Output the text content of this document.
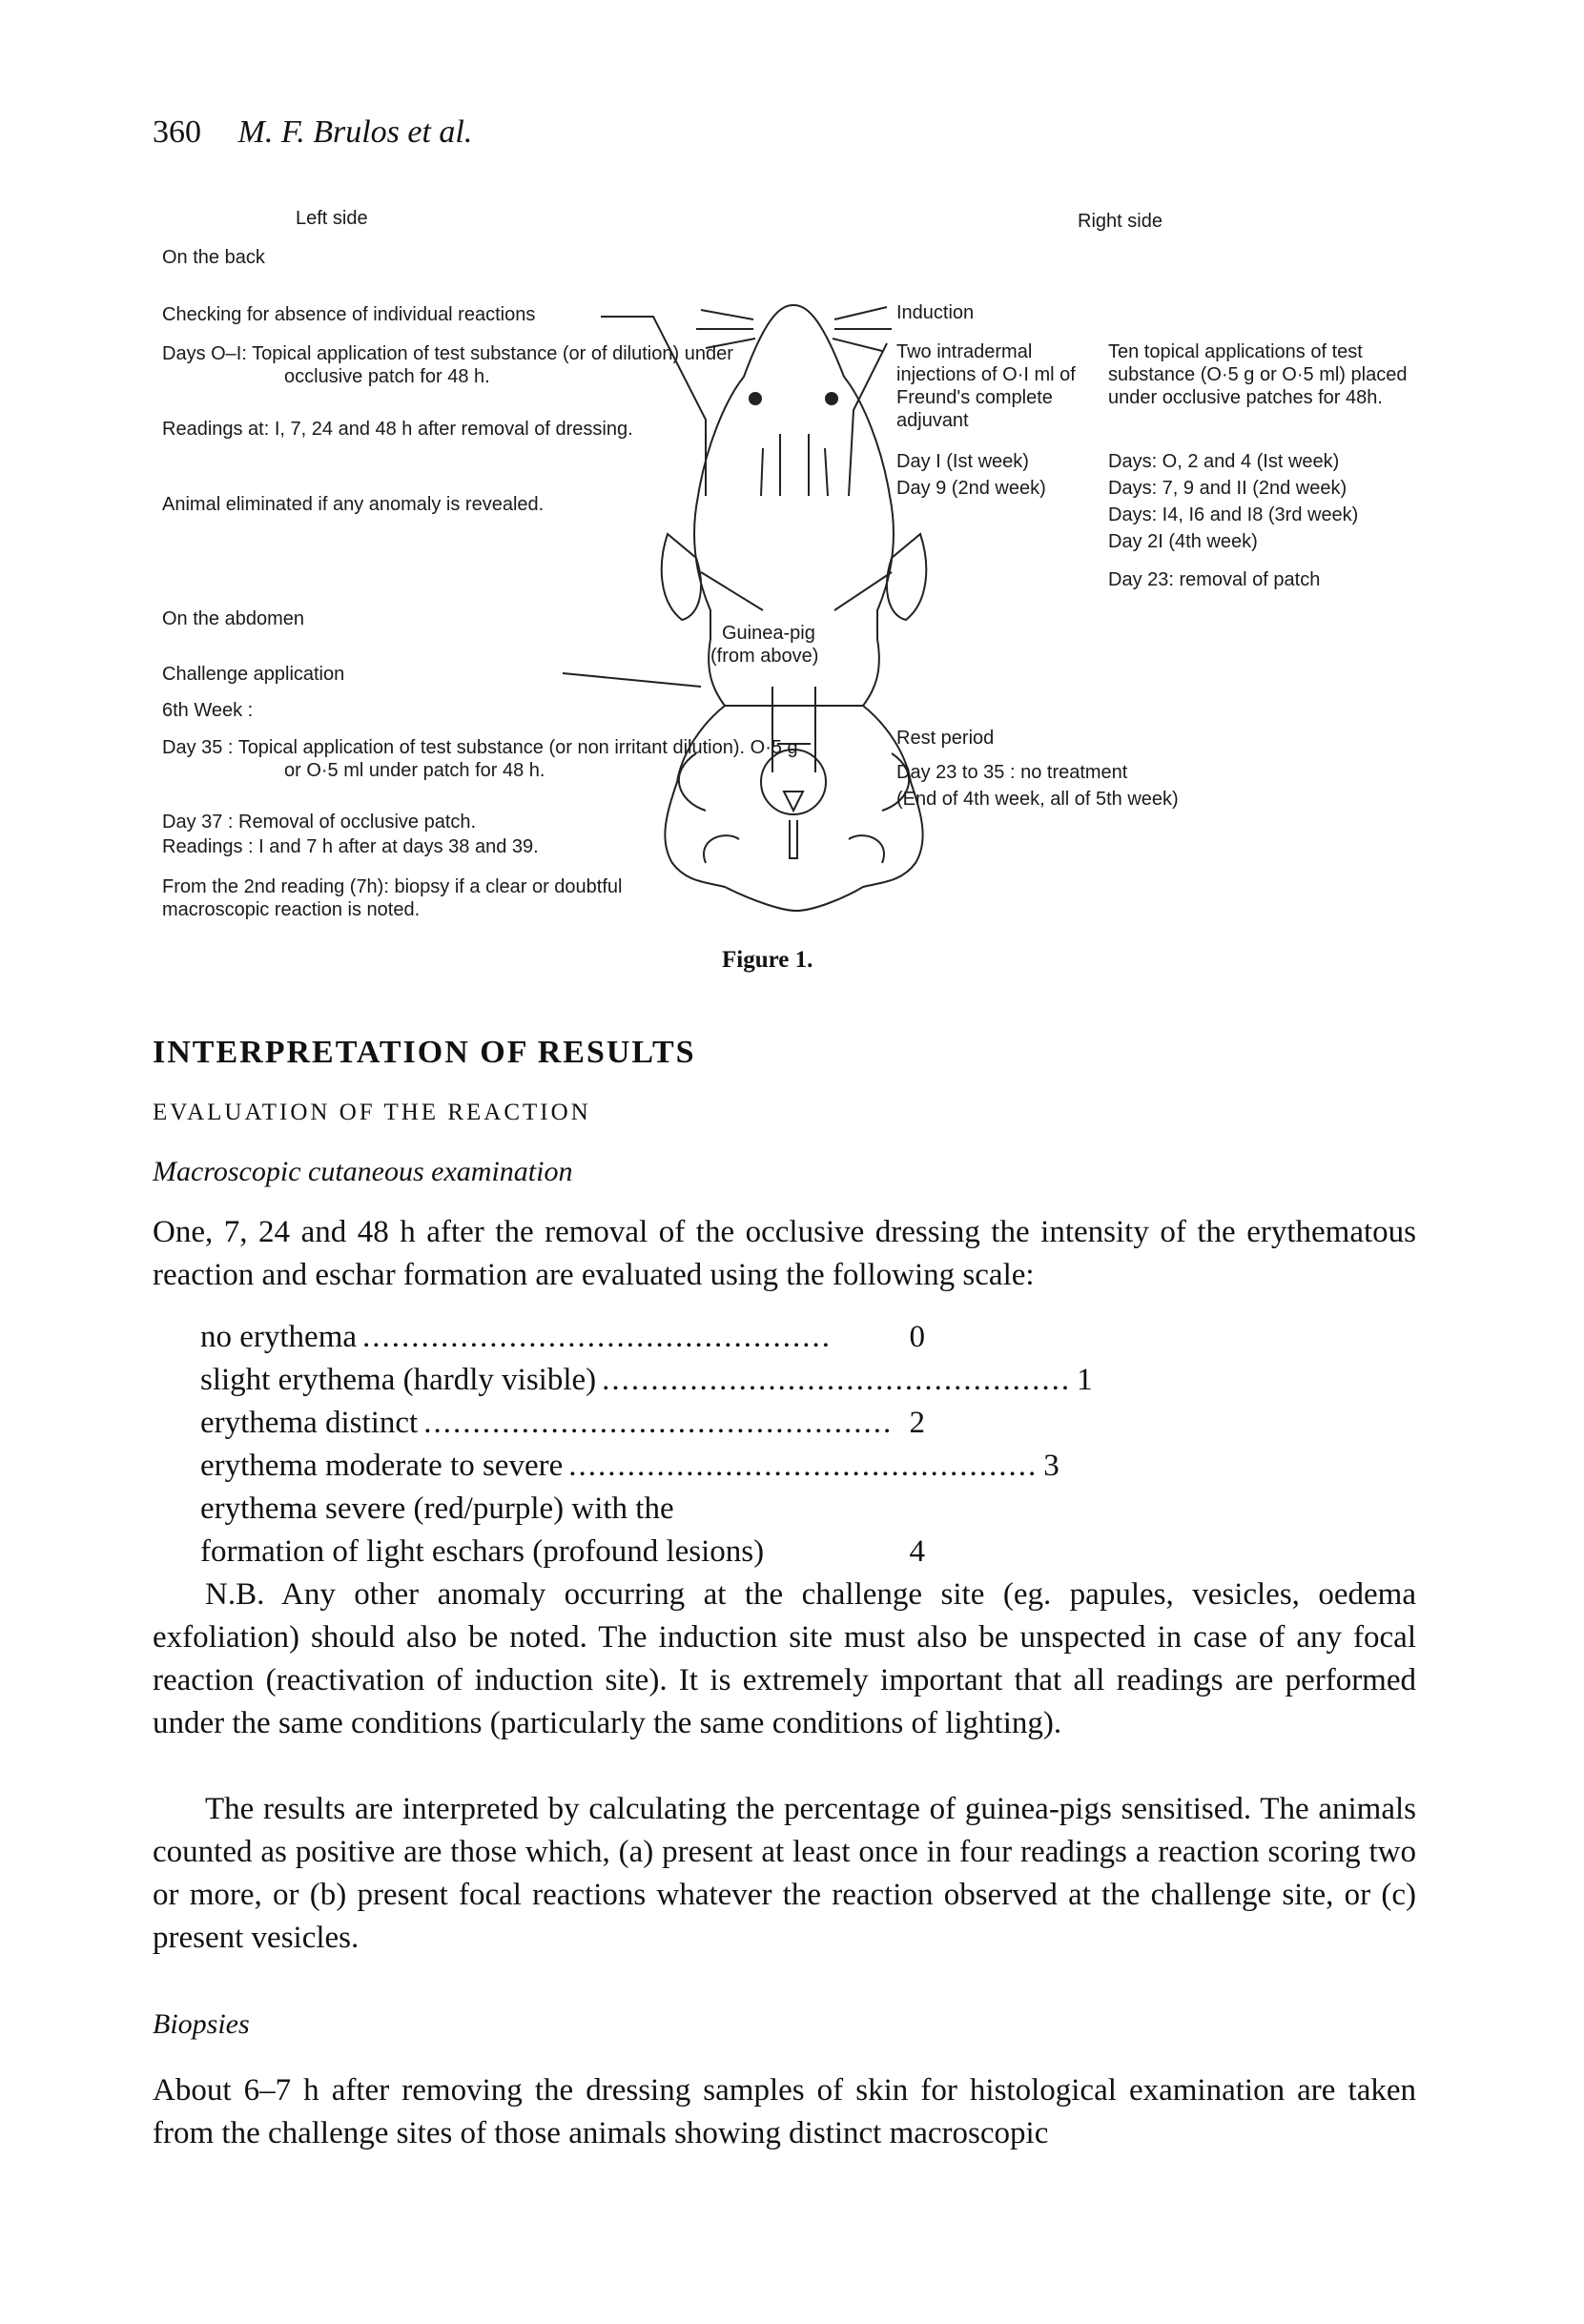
360 M. F. Brulos et al.
Left side	Right side
On the back
Checking for absence of individual reactions
Days O–I: Topical application of test substance (or of dilution) under occlusive patch for 48 h.
Readings at: I, 7, 24 and 48 h after removal of dressing.
Animal eliminated if any anomaly is revealed.
On the abdomen
Challenge application
6th Week :
Day 35 : Topical application of test substance (or non irritant dilution). O·5 g or O·5 ml under patch for 48 h.
Day 37 : Removal of occlusive patch.
Readings : I and 7 h after at days 38 and 39.
From the 2nd reading (7h): biopsy if a clear or doubtful macroscopic reaction is noted.
Guinea-pig
(from above)
Induction
Two intradermal injections of O·I ml of Freund's complete adjuvant
Day I (Ist week)
Day 9 (2nd week)
Ten topical applications of test substance (O·5 g or O·5 ml) placed under occlusive patches for 48h.
Days: O, 2 and 4 (Ist week)
Days: 7, 9 and II (2nd week)
Days: I4, I6 and I8 (3rd week)
Day 2I (4th week)
Day 23: removal of patch
Rest period
Day 23 to 35 : no treatment
(End of 4th week, all of 5th week)
Figure 1.
INTERPRETATION OF RESULTS
EVALUATION OF THE REACTION
Macroscopic cutaneous examination
One, 7, 24 and 48 h after the removal of the occlusive dressing the intensity of the erythematous reaction and eschar formation are evaluated using the following scale:
no erythema ................................................	0
slight erythema (hardly visible) ................................................ 1
erythema distinct ................................................ 2
erythema moderate to severe ................................................ 3
erythema severe (red/purple) with the
formation of light eschars (profound lesions)	4
N.B. Any other anomaly occurring at the challenge site (eg. papules, vesicles, oedema exfoliation) should also be noted. The induction site must also be unspected in case of any focal reaction (reactivation of induction site). It is extremely important that all readings are performed under the same conditions (particularly the same conditions of lighting).
The results are interpreted by calculating the percentage of guinea-pigs sensitised. The animals counted as positive are those which, (a) present at least once in four readings a reaction scoring two or more, or (b) present focal reactions whatever the reaction observed at the challenge site, or (c) present vesicles.
Biopsies
About 6–7 h after removing the dressing samples of skin for histological examination are taken from the challenge sites of those animals showing distinct macroscopic
